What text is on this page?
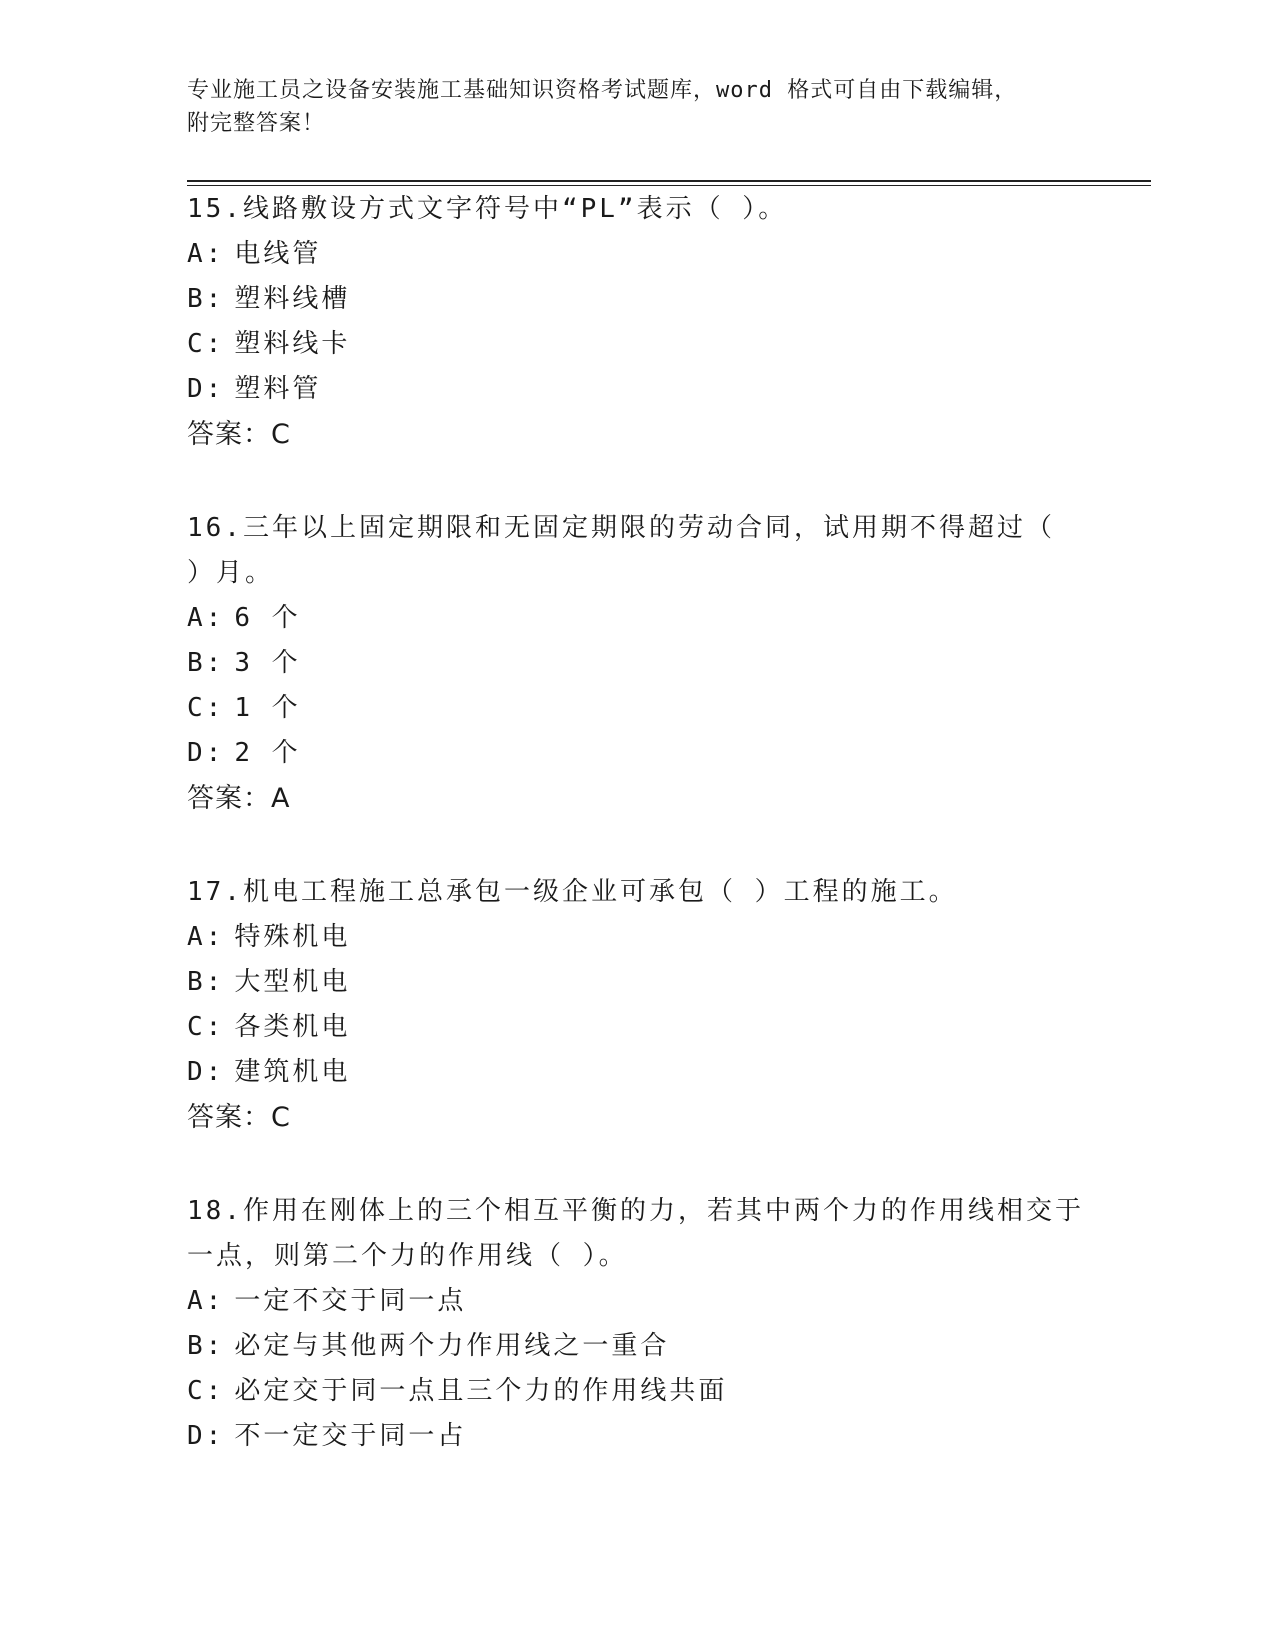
专业施工员之设备安装施工基础知识资格考试题库，word 格式可自由下载编辑，
附完整答案！
15.线路敷设方式文字符号中“PL”表示（ ）。
A: 电线管
B: 塑料线槽
C: 塑料线卡
D: 塑料管
答案：C
16.三年以上固定期限和无固定期限的劳动合同，试用期不得超过（
）月。
A: 6 个
B: 3 个
C: 1 个
D: 2 个
答案：A
17.机电工程施工总承包一级企业可承包（ ）工程的施工。
A: 特殊机电
B: 大型机电
C: 各类机电
D: 建筑机电
答案：C
18.作用在刚体上的三个相互平衡的力，若其中两个力的作用线相交于
一点，则第二个力的作用线（ ）。
A: 一定不交于同一点
B: 必定与其他两个力作用线之一重合
C: 必定交于同一点且三个力的作用线共面
D: 不一定交于同一占
